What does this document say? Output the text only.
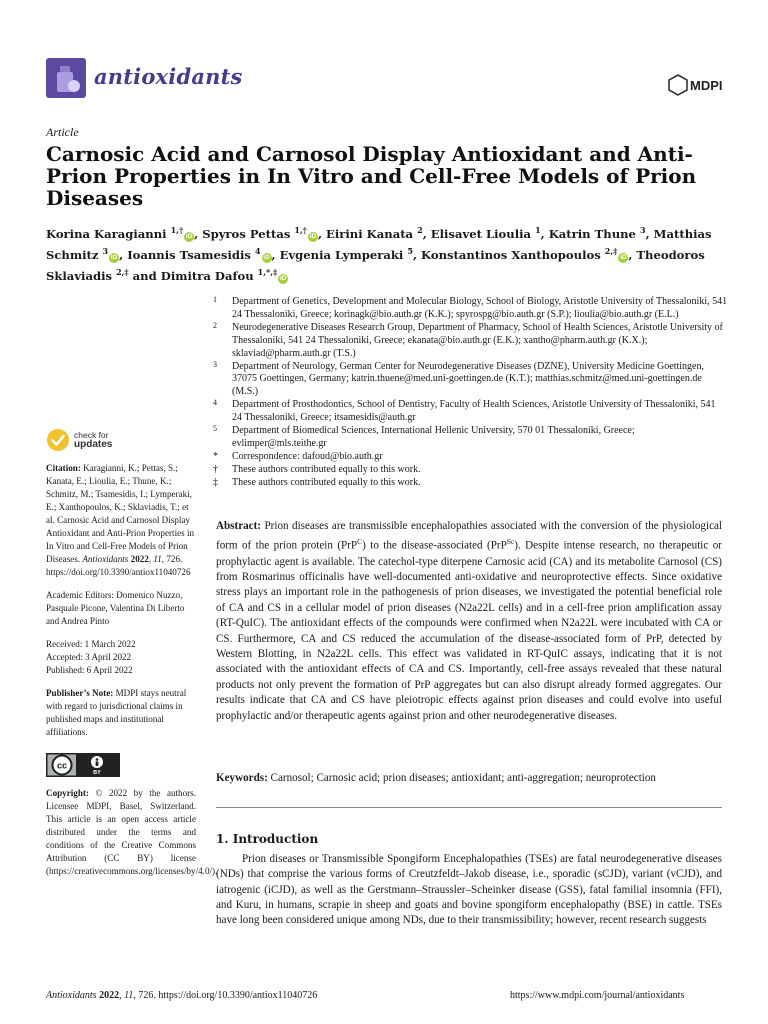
antioxidants	MDPI
Article
Carnosic Acid and Carnosol Display Antioxidant and Anti-Prion Properties in In Vitro and Cell-Free Models of Prion Diseases
Korina Karagianni $^{1,\dagger}$iD , Spyros Pettas $^{1,\dagger}$iD , Eirini Kanata $^2$, Elisavet Lioulia $^1$, Katrin Thune $^3$, Matthias Schmitz $^3$iD , Ioannis Tsamesidis $^4$iD , Evgenia Lymperaki $^5$, Konstantinos Xanthopoulos $^{2,\ddagger}$iD , Theodoros Sklaviadis $^{2,\ddagger}$ and Dimitra Dafou $^{1,*,\ddagger}$iD
1 Department of Genetics, Development and Molecular Biology, School of Biology, Aristotle University of Thessaloniki, 541 24 Thessaloniki, Greece; korinagk@bio.auth.gr (K.K.); spyrospg@bio.auth.gr (S.P.); lioulia@bio.auth.gr (E.L.)
2 Neurodegenerative Diseases Research Group, Department of Pharmacy, School of Health Sciences, Aristotle University of Thessaloniki, 541 24 Thessaloniki, Greece; ekanata@bio.auth.gr (E.K.); xantho@pharm.auth.gr (K.X.); sklaviad@pharm.auth.gr (T.S.)
3 Department of Neurology, German Center for Neurodegenerative Diseases (DZNE), University Medicine Goettingen, 37075 Goettingen, Germany; katrin.thuene@med.uni-goettingen.de (K.T.); matthias.schmitz@med.uni-goettingen.de (M.S.)
4 Department of Prosthodontics, School of Dentistry, Faculty of Health Sciences, Aristotle University of Thessaloniki, 541 24 Thessaloniki, Greece; itsamesidis@auth.gr
5 Department of Biomedical Sciences, International Hellenic University, 570 01 Thessaloniki, Greece; evlimper@mls.teithe.gr
* Correspondence: dafoud@bio.auth.gr
† These authors contributed equally to this work.
‡ These authors contributed equally to this work.
check for
updates
Citation: Karagianni, K.; Pettas, S.; Kanata, E.; Lioulia, E.; Thune, K.; Schmitz, M.; Tsamesidis, I.; Lymperaki, E.; Xanthopoulos, K.; Sklaviadis, T.; et al. Carnosic Acid and Carnosol Display Antioxidant and Anti-Prion Properties in In Vitro and Cell-Free Models of Prion Diseases. Antioxidants 2022, 11, 726. https://doi.org/10.3390/antiox11040726
Academic Editors: Domenico Nuzzo, Pasquale Picone, Valentina Di Liberto and Andrea Pinto
Received: 1 March 2022
Accepted: 3 April 2022
Published: 6 April 2022
Publisher’s Note: MDPI stays neutral with regard to jurisdictional claims in published maps and institutional affiliations.
cc
BY
Copyright: © 2022 by the authors. Licensee MDPI, Basel, Switzerland. This article is an open access article distributed under the terms and conditions of the Creative Commons Attribution (CC BY) license (https://creativecommons.org/licenses/by/4.0/).
Abstract: Prion diseases are transmissible encephalopathies associated with the conversion of the physiological form of the prion protein (PrP$^C$) to the disease-associated (PrP$^{Sc}$). Despite intense research, no therapeutic or prophylactic agent is available. The catechol-type diterpene Carnosic acid (CA) and its metabolite Carnosol (CS) from Rosmarinus officinalis have well-documented anti-oxidative and neuroprotective effects. Since oxidative stress plays an important role in the pathogenesis of prion diseases, we investigated the potential beneficial role of CA and CS in a cellular model of prion diseases (N2a22L cells) and in a cell-free prion amplification assay (RT-QuIC). The antioxidant effects of the compounds were confirmed when N2a22L were incubated with CA or CS. Furthermore, CA and CS reduced the accumulation of the disease-associated form of PrP, detected by Western Blotting, in N2a22L cells. This effect was validated in RT-QuIC assays, indicating that it is not associated with the antioxidant effects of CA and CS. Importantly, cell-free assays revealed that these natural products not only prevent the formation of PrP aggregates but can also disrupt already formed aggregates. Our results indicate that CA and CS have pleiotropic effects against prion diseases and could evolve into useful prophylactic and/or therapeutic agents against prion and other neurodegenerative diseases.
Keywords: Carnosol; Carnosic acid; prion diseases; antioxidant; anti-aggregation; neuroprotection
1. Introduction
Prion diseases or Transmissible Spongiform Encephalopathies (TSEs) are fatal neurodegenerative diseases (NDs) that comprise the various forms of Creutzfeldt–Jakob disease, i.e., sporadic (sCJD), variant (vCJD), and iatrogenic (iCJD), as well as the Gerstmann–Straussler–Scheinker disease (GSS), fatal familial insomnia (FFI), and Kuru, in humans, scrapie in sheep and goats and bovine spongiform encephalopathy (BSE) in cattle. TSEs have long been considered unique among NDs, due to their transmissibility; however, recent research suggests
Antioxidants 2022, 11, 726. https://doi.org/10.3390/antiox11040726	https://www.mdpi.com/journal/antioxidants
